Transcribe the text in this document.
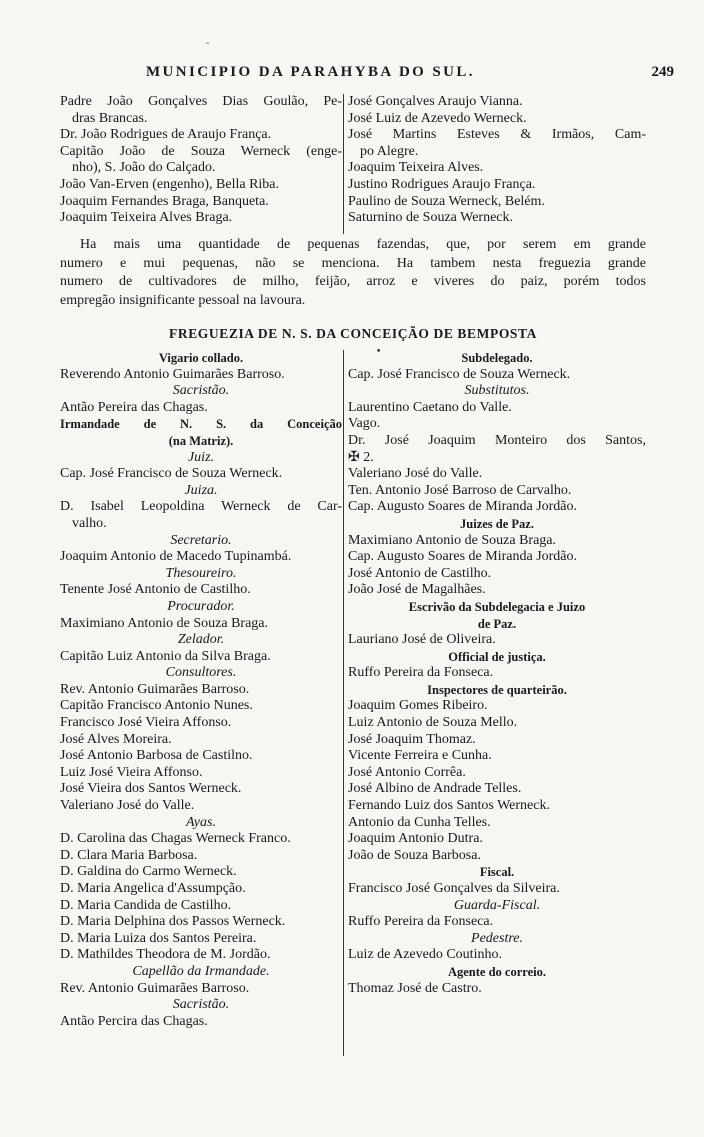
-
MUNICIPIO DA PARAHYBA DO SUL.	249
Padre João Gonçalves Dias Goulão, Pe-
dras Brancas.
Dr. João Rodrigues de Araujo França.
Capitão João de Souza Werneck (enge-
nho), S. João do Calçado.
João Van-Erven (engenho), Bella Riba.
Joaquim Fernandes Braga, Banqueta.
Joaquim Teixeira Alves Braga.
José Gonçalves Araujo Vianna.
José Luiz de Azevedo Werneck.
José Martins Esteves & Irmãos, Cam-
po Alegre.
Joaquim Teixeira Alves.
Justino Rodrigues Araujo França.
Paulino de Souza Werneck, Belém.
Saturnino de Souza Werneck.
Ha mais uma quantidade de pequenas fazendas, que, por serem em grande
numero e mui pequenas, não se menciona. Ha tambem nesta freguezia grande
numero de cultivadores de milho, feijão, arroz e viveres do paiz, porém todos
empregão insignificante pessoal na lavoura.
FREGUEZIA DE N. S. DA CONCEIÇÃO DE BEMPOSTA
•
Vigario collado.
Reverendo Antonio Guimarães Barroso.
Sacristão.
Antão Pereira das Chagas.
Irmandade de N. S. da Conceição
(na Matriz).
Juiz.
Cap. José Francisco de Souza Werneck.
Juiza.
D. Isabel Leopoldina Werneck de Car-
valho.
Secretario.
Joaquim Antonio de Macedo Tupinambá.
Thesoureiro.
Tenente José Antonio de Castilho.
Procurador.
Maximiano Antonio de Souza Braga.
Zelador.
Capitão Luiz Antonio da Silva Braga.
Consultores.
Rev. Antonio Guimarães Barroso.
Capitão Francisco Antonio Nunes.
Francisco José Vieira Affonso.
José Alves Moreira.
José Antonio Barbosa de Castilno.
Luiz José Vieira Affonso.
José Vieira dos Santos Werneck.
Valeriano José do Valle.
Ayas.
D. Carolina das Chagas Werneck Franco.
D. Clara Maria Barbosa.
D. Galdina do Carmo Werneck.
D. Maria Angelica d'Assumpção.
D. Maria Candida de Castilho.
D. Maria Delphina dos Passos Werneck.
D. Maria Luiza dos Santos Pereira.
D. Mathildes Theodora de M. Jordão.
Capellão da Irmandade.
Rev. Antonio Guimarães Barroso.
Sacristão.
Antão Percira das Chagas.
Subdelegado.
Cap. José Francisco de Souza Werneck.
Substitutos.
Laurentino Caetano do Valle.
Vago.
Dr. José Joaquim Monteiro dos Santos,
✠ 2.
Valeriano José do Valle.
Ten. Antonio José Barroso de Carvalho.
Cap. Augusto Soares de Miranda Jordão.
Juizes de Paz.
Maximiano Antonio de Souza Braga.
Cap. Augusto Soares de Miranda Jordão.
José Antonio de Castilho.
João José de Magalhães.
Escrivão da Subdelegacia e Juizo
de Paz.
Lauriano José de Oliveira.
Official de justiça.
Ruffo Pereira da Fonseca.
Inspectores de quarteirão.
Joaquim Gomes Ribeiro.
Luiz Antonio de Souza Mello.
José Joaquim Thomaz.
Vicente Ferreira e Cunha.
José Antonio Corrêa.
José Albino de Andrade Telles.
Fernando Luiz dos Santos Werneck.
Antonio da Cunha Telles.
Joaquim Antonio Dutra.
João de Souza Barbosa.
Fiscal.
Francisco José Gonçalves da Silveira.
Guarda-Fiscal.
Ruffo Pereira da Fonseca.
Pedestre.
Luiz de Azevedo Coutinho.
Agente do correio.
Thomaz José de Castro.
